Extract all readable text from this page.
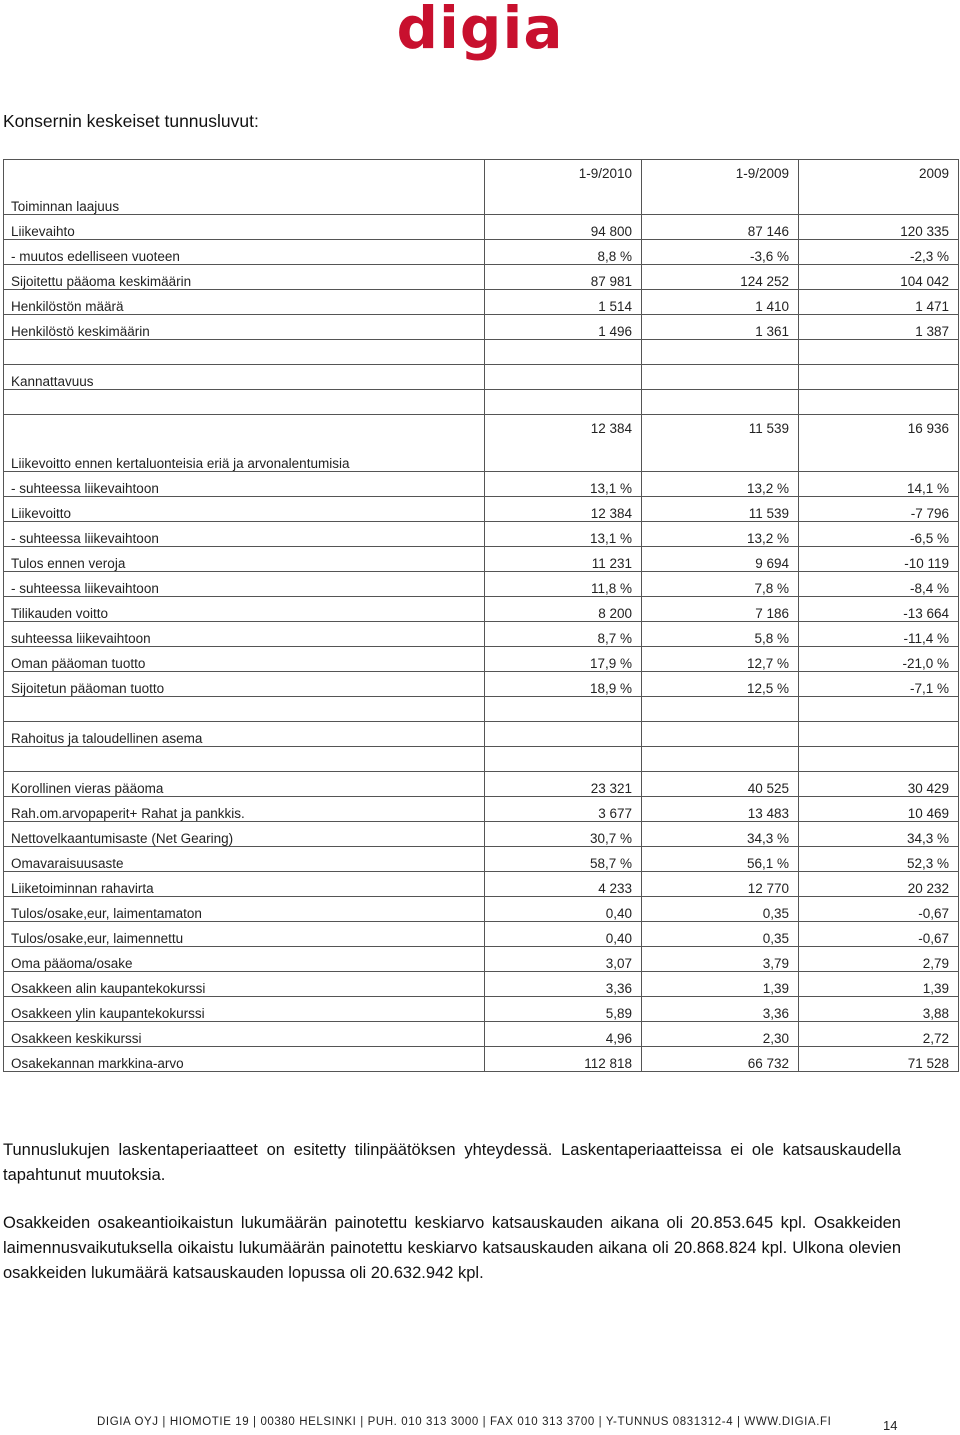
digia
Konsernin keskeiset tunnusluvut:
Toiminnan laajuus	1-9/2010	1-9/2009	2009
Liikevaihto	94 800	87 146	120 335
- muutos edelliseen vuoteen	8,8 %	-3,6 %	-2,3 %
Sijoitettu pääoma keskimäärin	87 981	124 252	104 042
Henkilöstön määrä	1 514	1 410	1 471
Henkilöstö keskimäärin	1 496	1 361	1 387

Kannattavuus			

Liikevoitto ennen kertaluonteisia eriä ja arvonalentumisia	12 384	11 539	16 936
- suhteessa liikevaihtoon	13,1 %	13,2 %	14,1 %
Liikevoitto	12 384	11 539	-7 796
- suhteessa liikevaihtoon	13,1 %	13,2 %	-6,5 %
Tulos ennen veroja	11 231	9 694	-10 119
- suhteessa liikevaihtoon	11,8 %	7,8 %	-8,4 %
Tilikauden voitto	8 200	7 186	-13 664
suhteessa liikevaihtoon	8,7 %	5,8 %	-11,4 %
Oman pääoman tuotto	17,9 %	12,7 %	-21,0 %
Sijoitetun pääoman tuotto	18,9 %	12,5 %	-7,1 %

Rahoitus ja taloudellinen asema			

Korollinen vieras pääoma	23 321	40 525	30 429
Rah.om.arvopaperit+ Rahat ja pankkis.	3 677	13 483	10 469
Nettovelkaantumisaste (Net Gearing)	30,7 %	34,3 %	34,3 %
Omavaraisuusaste	58,7 %	56,1 %	52,3 %
Liiketoiminnan rahavirta	4 233	12 770	20 232
Tulos/osake,eur, laimentamaton	0,40	0,35	-0,67
Tulos/osake,eur, laimennettu	0,40	0,35	-0,67
Oma pääoma/osake	3,07	3,79	2,79
Osakkeen alin kaupantekokurssi	3,36	1,39	1,39
Osakkeen ylin kaupantekokurssi	5,89	3,36	3,88
Osakkeen keskikurssi	4,96	2,30	2,72
Osakekannan markkina-arvo	112 818	66 732	71 528
Tunnuslukujen laskentaperiaatteet on esitetty tilinpäätöksen yhteydessä. Laskentaperiaatteissa ei ole katsauskaudella tapahtunut muutoksia.
Osakkeiden osakeantioikaistun lukumäärän painotettu keskiarvo katsauskauden aikana oli 20.853.645 kpl. Osakkeiden laimennusvaikutuksella oikaistu lukumäärän painotettu keskiarvo katsauskauden aikana oli 20.868.824 kpl. Ulkona olevien osakkeiden lukumäärä katsauskauden lopussa oli 20.632.942 kpl.
DIGIA OYJ | HIOMOTIE 19 | 00380 HELSINKI | PUH. 010 313 3000 | FAX 010 313 3700 | Y-TUNNUS 0831312-4 | WWW.DIGIA.FI	14
